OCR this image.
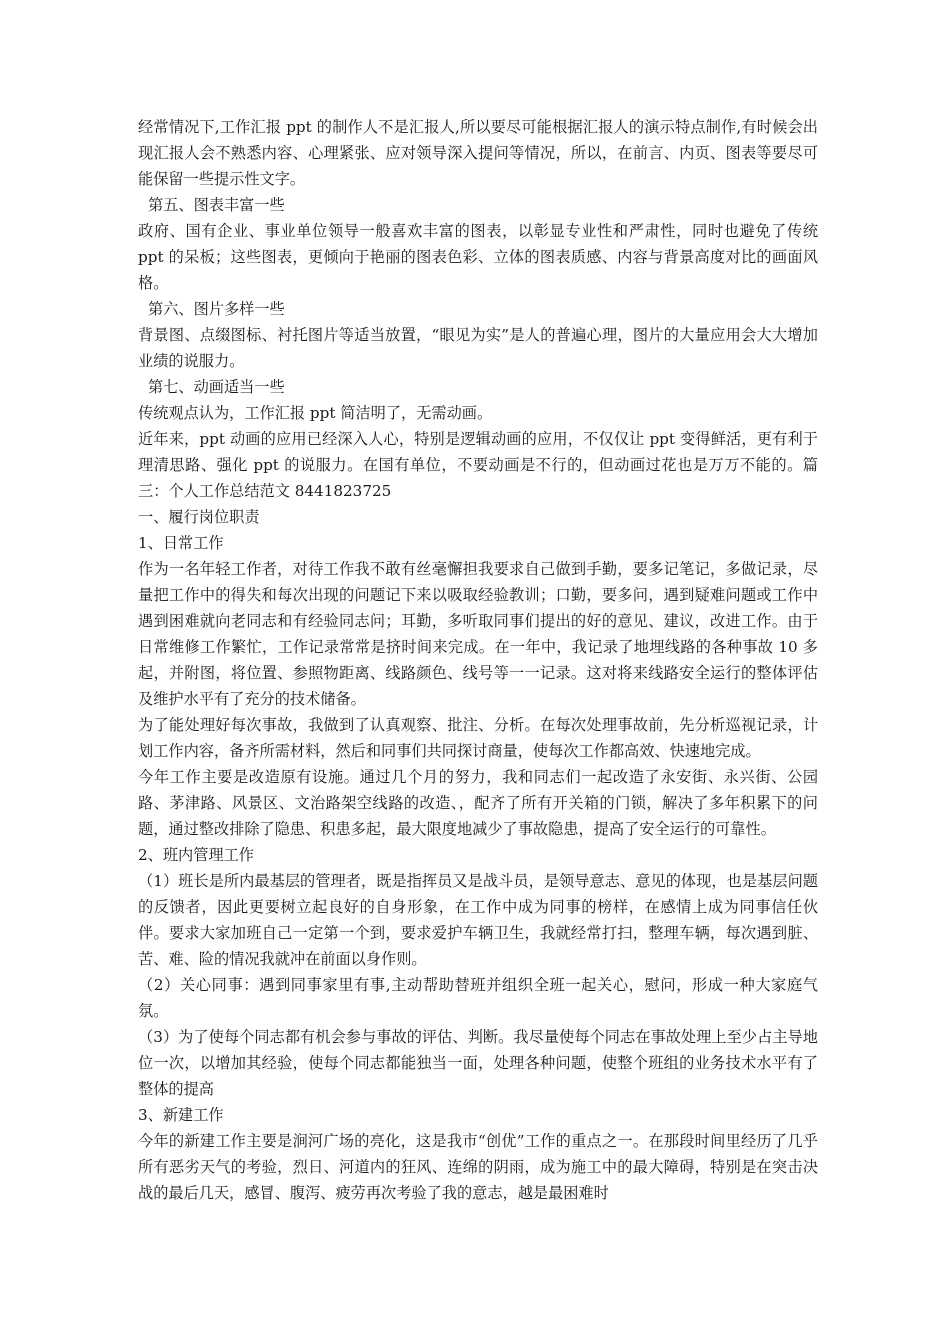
经常情况下,工作汇报 ppt 的制作人不是汇报人,所以要尽可能根据汇报人的演示特点制作,有时候会出现汇报人会不熟悉内容、心理紧张、应对领导深入提问等情况，所以，在前言、内页、图表等要尽可能保留一些提示性文字。

第五、图表丰富一些

政府、国有企业、事业单位领导一般喜欢丰富的图表，以彰显专业性和严肃性，同时也避免了传统 ppt 的呆板；这些图表，更倾向于艳丽的图表色彩、立体的图表质感、内容与背景高度对比的画面风格。

第六、图片多样一些

背景图、点缀图标、衬托图片等适当放置，“眼见为实”是人的普遍心理，图片的大量应用会大大增加业绩的说服力。

第七、动画适当一些

传统观点认为，工作汇报 ppt 简洁明了，无需动画。

近年来，ppt 动画的应用已经深入人心，特别是逻辑动画的应用，不仅仅让 ppt 变得鲜活，更有利于理清思路、强化 ppt 的说服力。在国有单位，不要动画是不行的，但动画过花也是万万不能的。篇三：个人工作总结范文 8441823725

一、履行岗位职责

1、日常工作

作为一名年轻工作者，对待工作我不敢有丝毫懈担我要求自己做到手勤，要多记笔记，多做记录，尽量把工作中的得失和每次出现的问题记下来以吸取经验教训；口勤，要多问，遇到疑难问题或工作中遇到困难就向老同志和有经验同志问；耳勤，多听取同事们提出的好的意见、建议，改进工作。由于日常维修工作繁忙，工作记录常常是挤时间来完成。在一年中，我记录了地埋线路的各种事故 10 多起，并附图，将位置、参照物距离、线路颜色、线号等一一记录。这对将来线路安全运行的整体评估及维护水平有了充分的技术储备。

为了能处理好每次事故，我做到了认真观察、批注、分析。在每次处理事故前，先分析巡视记录，计划工作内容，备齐所需材料，然后和同事们共同探讨商量，使每次工作都高效、快速地完成。

今年工作主要是改造原有设施。通过几个月的努力，我和同志们一起改造了永安街、永兴街、公园路、茅津路、风景区、文治路架空线路的改造、，配齐了所有开关箱的门锁，解决了多年积累下的问题，通过整改排除了隐患、积患多起，最大限度地减少了事故隐患，提高了安全运行的可靠性。

2、班内管理工作

（1）班长是所内最基层的管理者，既是指挥员又是战斗员，是领导意志、意见的体现，也是基层问题的反馈者，因此更要树立起良好的自身形象，在工作中成为同事的榜样，在感情上成为同事信任伙伴。要求大家加班自己一定第一个到，要求爱护车辆卫生，我就经常打扫，整理车辆，每次遇到脏、苦、难、险的情况我就冲在前面以身作则。

（2）关心同事：遇到同事家里有事,主动帮助替班并组织全班一起关心，慰问，形成一种大家庭气氛。

（3）为了使每个同志都有机会参与事故的评估、判断。我尽量使每个同志在事故处理上至少占主导地位一次，以增加其经验，使每个同志都能独当一面，处理各种问题，使整个班组的业务技术水平有了整体的提高

3、新建工作

今年的新建工作主要是涧河广场的亮化，这是我市“创优”工作的重点之一。在那段时间里经历了几乎所有恶劣天气的考验，烈日、河道内的狂风、连绵的阴雨，成为施工中的最大障碍，特别是在突击决战的最后几天，感冒、腹泻、疲劳再次考验了我的意志，越是最困难时
